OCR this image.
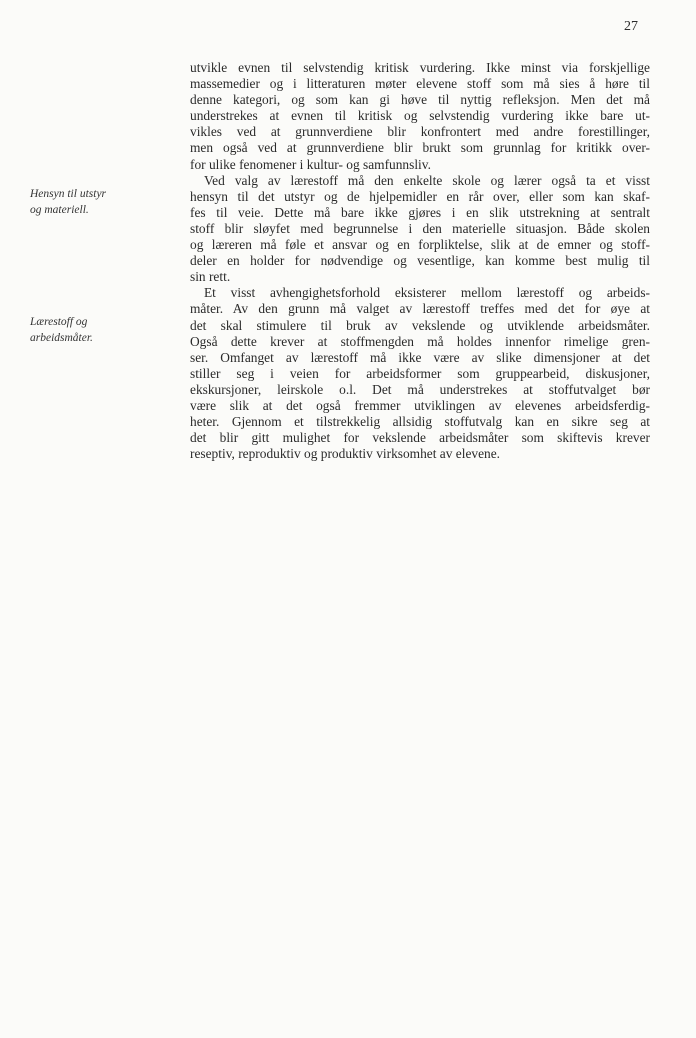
27
Hensyn til utstyr
og materiell.
Lærestoff og
arbeidsmåter.
utvikle evnen til selvstendig kritisk vurdering. Ikke minst via forskjellige
massemedier og i litteraturen møter elevene stoff som må sies å høre til
denne kategori, og som kan gi høve til nyttig refleksjon. Men det må
understrekes at evnen til kritisk og selvstendig vurdering ikke bare ut-
vikles ved at grunnverdiene blir konfrontert med andre forestillinger,
men også ved at grunnverdiene blir brukt som grunnlag for kritikk over-
for ulike fenomener i kultur- og samfunnsliv.
Ved valg av lærestoff må den enkelte skole og lærer også ta et visst
hensyn til det utstyr og de hjelpemidler en rår over, eller som kan skaf-
fes til veie. Dette må bare ikke gjøres i en slik utstrekning at sentralt
stoff blir sløyfet med begrunnelse i den materielle situasjon. Både skolen
og læreren må føle et ansvar og en forpliktelse, slik at de emner og stoff-
deler en holder for nødvendige og vesentlige, kan komme best mulig til
sin rett.
Et visst avhengighetsforhold eksisterer mellom lærestoff og arbeids-
måter. Av den grunn må valget av lærestoff treffes med det for øye at
det skal stimulere til bruk av vekslende og utviklende arbeidsmåter.
Også dette krever at stoffmengden må holdes innenfor rimelige gren-
ser. Omfanget av lærestoff må ikke være av slike dimensjoner at det
stiller seg i veien for arbeidsformer som gruppearbeid, diskusjoner,
ekskursjoner, leirskole o.l. Det må understrekes at stoffutvalget bør
være slik at det også fremmer utviklingen av elevenes arbeidsferdig-
heter. Gjennom et tilstrekkelig allsidig stoffutvalg kan en sikre seg at
det blir gitt mulighet for vekslende arbeidsmåter som skiftevis krever
reseptiv, reproduktiv og produktiv virksomhet av elevene.
